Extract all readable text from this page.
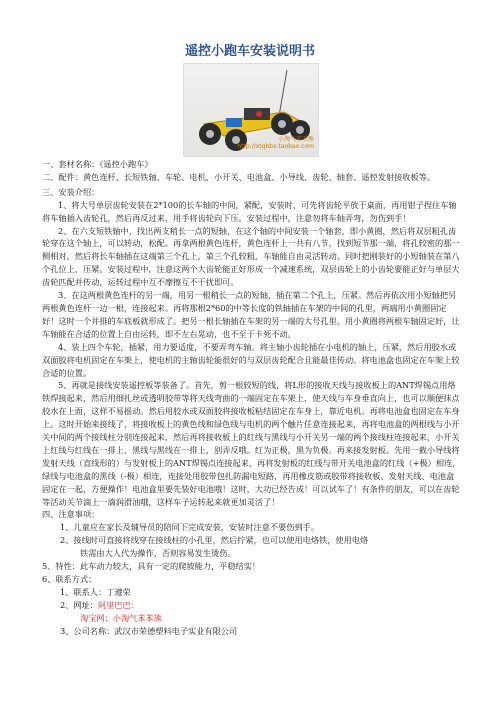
遥控小跑车安装说明书
小淘气苯苯熊
http://xtqbbx.taobao.com

一、套材名称：《遥控小跑车》

二、配件：黄色连杆、长短铁轴、车轮、电机、小开关、电池盒、小导线、齿轮、轴套、遥控发射接收板等。

三、安装介绍：

1、将大号单层齿轮安装在2*100的长车轴的中间，紧配，安装时，可先将齿轮平放于桌面，再用钳子捏住车轴将车轴插入齿轮孔，然后再反过来，用手将齿轮向下压。安装过程中，注意勿将车轴弄弯，勿伤到手！

2、在六支短铁轴中，找出两支稍长一点的短轴，在这个轴的中间安装一个轴套，即小黄圈，然后将双层粗孔齿轮穿在这个轴上，可以转动，松配。再拿两根黄色连杆，黄色连杆上一共有八节，找到短节那一端，将孔较密的那一侧相对，然后将长车轴插在这端第三个孔上，第三个孔较粗，车轴能自由灵活转动。同时把刚装好的小短轴装在第八个孔位上，压紧。安装过程中，注意这两个大齿轮能正好形成一个减速系统，双层齿轮上的小齿轮要能正好与单层大齿轮匹配并传动，运转过程中互不摩擦互不干扰即可。

3、在这两根黄色连杆的另一端，用另一根稍长一点的短轴，插在第二个孔上，压紧。然后再依次用小短轴把另两根黄色连杆一边一根，连接起来。再将那根2*60的中等长度的铁轴插在车架的中间的孔里，两端用小黄圈固定好！这时一个并排的车底板就形成了。把另一根长轴插在车架的另一端的大号孔里。用小黄圈将两根车轴固定好，让车轴能在合适的位置上自由运转，即不左右晃动，也不至于卡死不动。

4、装上四个车轮，插紧，用力要适度，不要弄弯车轴。将主轴小齿轮插在小电机的轴上，压紧，然后用胶水或双面胶将电机固定在车架上，使电机的主轴齿轮能很好的与双层齿轮配合且能最佳传动。将电池盒也固定在车架上较合适的位置。

5、再就是接线安装遥控板等装备了。首先，剪一根较短的线，将L形的接收天线与接收板上的ANT焊锡点用烙铁焊接起来，然后用细扎丝或透明胶带等将天线弯曲的一端固定在车架上，使天线与车身垂直向上，也可以顺便抹点胶水在上面，这样不易摇动。然后用胶水或双面胶将接收板粘结固定在车身上，靠近电机。再将电池盒也固定在车身上。这时开始来接线了，将接收板上的黄色线和绿色线与电机的两个触片任意连接起来，再将电池盒的两根线与小开关中间的两个接线柱分别连接起来，然后再将接收板上的红线与黑线与小开关另一端的两个接线柱连接起来，小开关上红线与红线在一排上，黑线与黑线在一排上，别弄反哦。红为正极，黑为负极。再来接发射板。先用一截小导线将发射天线（直线形的）与发射板上的ANT焊锡点连接起来，再将发射板的红线与带开关电池盒的红线（+极）相连，绿线与电池盒的黑线（-极）相连，连接处用胶带包扎防漏电短路，再用橡皮筋或胶带将接收板、发射天线、电池盒固定在一起，方便操作！电池盒里要先装好电池哦！这时，大功已经告成！可以试车了！有条件的朋友，可以在齿轮等活动关节滴上一滴润滑油哦，这样车子运转起来就更加灵活了！

四、注意事项：

1、儿童应在家长及辅导员的陪同下完成安装，安装时注意不要伤到手。

2、接线时可直接将线穿在接线柱的小孔里，然后拧紧，也可以使用电烙铁，使用电烙

铁需由大人代为操作，否则容易发生烫伤。

5、特性：此车动力较大，具有一定的爬坡能力，平稳结实！

6、联系方式：

1、联系人：丁遵荣

2、网址：阿里巴巴：

淘宝网：小淘气苯苯熊

3、公司名称：武汉市荣德塑料电子实业有限公司
